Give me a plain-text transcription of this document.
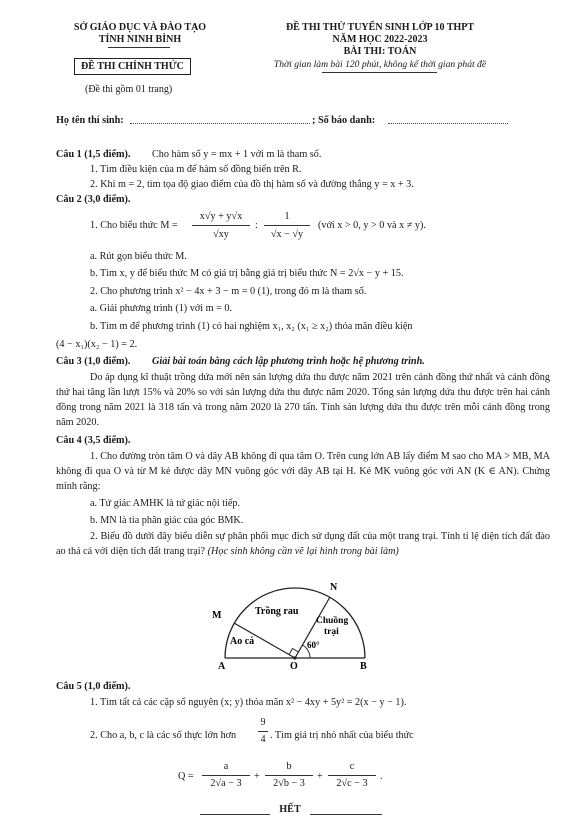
SỞ GIÁO DỤC VÀ ĐÀO TẠO
TỈNH NINH BÌNH
ĐỀ THI CHÍNH THỨC
(Đề thi gồm 01 trang)
ĐỀ THI THỬ TUYỂN SINH LỚP 10 THPT
NĂM HỌC 2022-2023
BÀI THI: TOÁN
Thời gian làm bài 120 phút, không kể thời gian phát đề
Họ tên thí sinh:	; Số báo danh:
Câu 1 (1,5 điểm). Cho hàm số y = mx + 1 với m là tham số.
1. Tìm điều kiện của m để hàm số đồng biến trên R.
2. Khi m = 2, tìm tọa độ giao điểm của đồ thị hàm số và đường thẳng y = x + 3.
Câu 2 (3,0 điểm).
1. Cho biểu thức M =
x√y + y√x
√xy
:
1
√x − √y
(với x > 0, y > 0 và x ≠ y).
a. Rút gọn biểu thức M.
b. Tìm x, y để biểu thức M có giá trị bằng giá trị biểu thức N = 2√x − y + 15.
2. Cho phương trình x² − 4x + 3 − m = 0 (1), trong đó m là tham số.
a. Giải phương trình (1) với m = 0.
b. Tìm m để phương trình (1) có hai nghiệm x₁, x₂ (x₁ ≥ x₂) thỏa mãn điều kiện
(4 − x₁)(x₂ − 1) = 2.
Câu 3 (1,0 điểm). Giải bài toán bằng cách lập phương trình hoặc hệ phương trình.
Do áp dụng kĩ thuật trồng dứa mới nên sản lượng dứa thu được năm 2021 trên cánh đồng thứ nhất và cánh đồng thứ hai tăng lần lượt 15% và 20% so với sản lượng dứa thu được năm 2020. Tổng sản lượng dứa thu được trên hai cánh đồng trong năm 2021 là 318 tấn và trong năm 2020 là 270 tấn. Tính sản lượng dứa thu được trên mỗi cánh đồng trong năm 2020.
Câu 4 (3,5 điểm).
1. Cho đường tròn tâm O và dây AB không đi qua tâm O. Trên cung lớn AB lấy điểm M sao cho MA > MB, MA không đi qua O và từ M kẻ được dây MN vuông góc với dây AB tại H. Kẻ MK vuông góc với AN (K ∈ AN). Chứng minh rằng:
a. Tứ giác AMHK là tứ giác nội tiếp.
b. MN là tia phân giác của góc BMK.
2. Biểu đồ dưới đây biểu diễn sự phân phối mục đích sử dụng đất của một trang trại. Tính tỉ lệ diện tích đất đào ao thả cá với diện tích đất trang trại? (Học sinh không cần vẽ lại hình trong bài làm)
N
M
A	O	B
Trồng rau
Ao cá
Chuồng
trại
60°
Câu 5 (1,0 điểm).
1. Tìm tất cả các cặp số nguyên (x; y) thỏa mãn x² − 4xy + 5y² = 2(x − y − 1).
2. Cho a, b, c là các số thực lớn hơn
9
4 . Tìm giá trị nhỏ nhất của biểu thức
Q =
a
2√a − 3
+
b
2√b − 3
+
c
2√c − 3
.
HẾT
